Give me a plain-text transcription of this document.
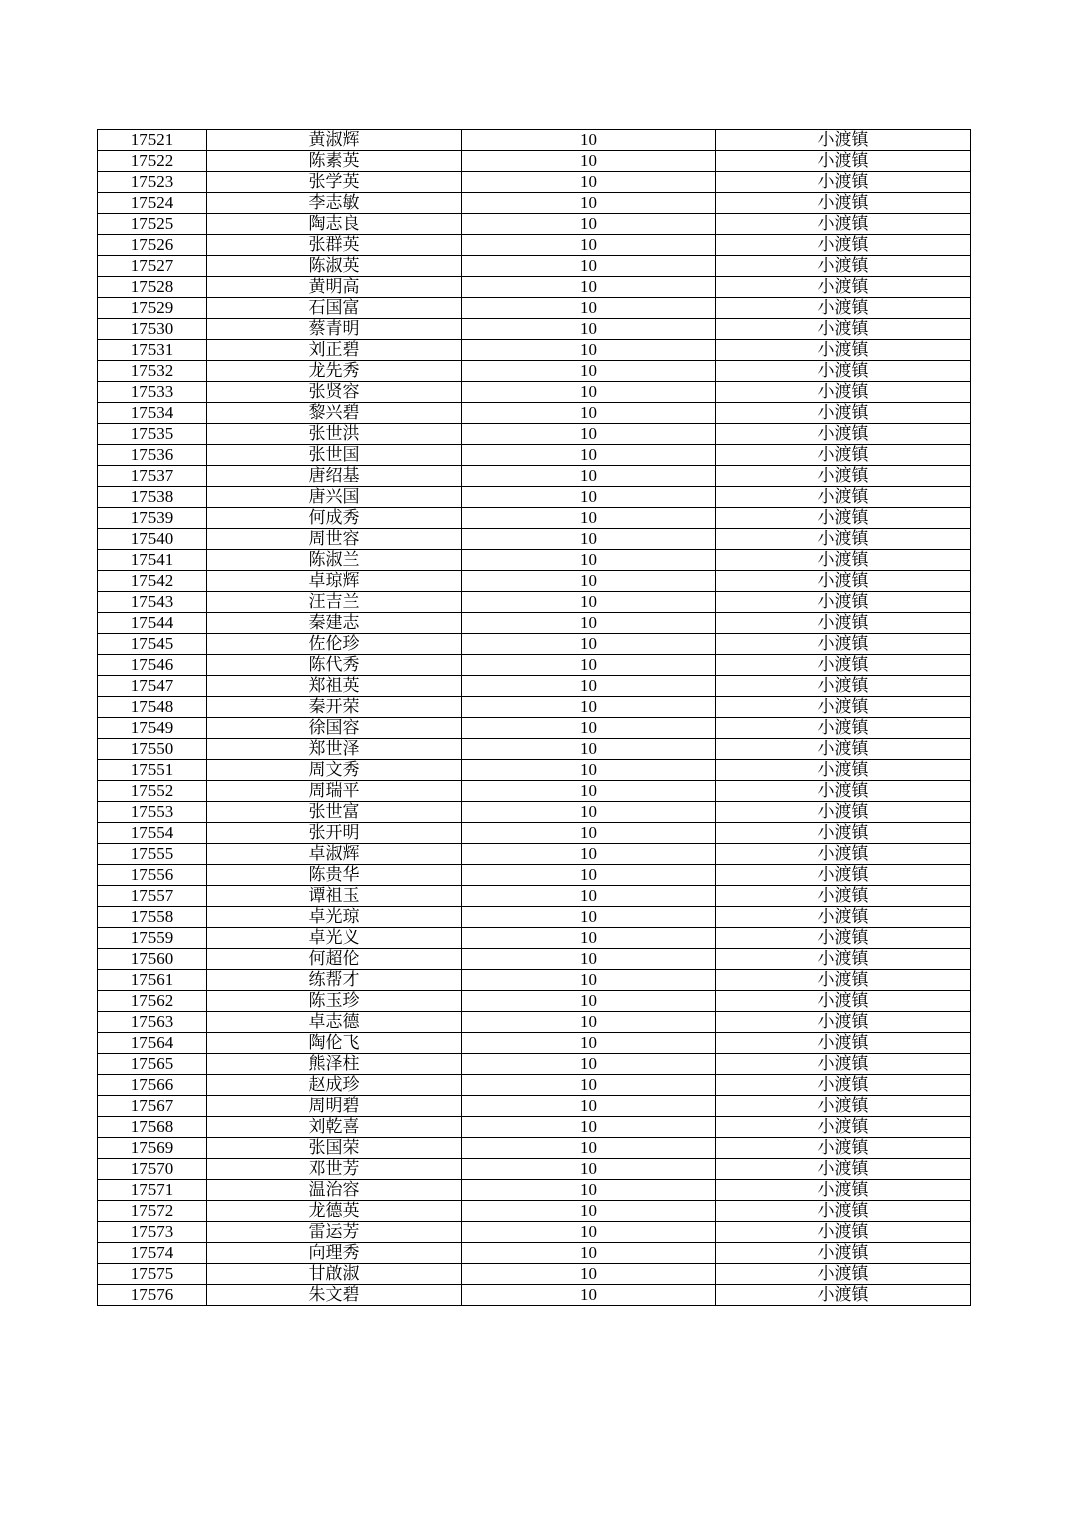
17521	黄淑辉	10	小渡镇
17522	陈素英	10	小渡镇
17523	张学英	10	小渡镇
17524	李志敏	10	小渡镇
17525	陶志良	10	小渡镇
17526	张群英	10	小渡镇
17527	陈淑英	10	小渡镇
17528	黄明高	10	小渡镇
17529	石国富	10	小渡镇
17530	蔡青明	10	小渡镇
17531	刘正碧	10	小渡镇
17532	龙先秀	10	小渡镇
17533	张贤容	10	小渡镇
17534	黎兴碧	10	小渡镇
17535	张世洪	10	小渡镇
17536	张世国	10	小渡镇
17537	唐绍基	10	小渡镇
17538	唐兴国	10	小渡镇
17539	何成秀	10	小渡镇
17540	周世容	10	小渡镇
17541	陈淑兰	10	小渡镇
17542	卓琼辉	10	小渡镇
17543	汪吉兰	10	小渡镇
17544	秦建志	10	小渡镇
17545	佐伦珍	10	小渡镇
17546	陈代秀	10	小渡镇
17547	郑祖英	10	小渡镇
17548	秦开荣	10	小渡镇
17549	徐国容	10	小渡镇
17550	郑世泽	10	小渡镇
17551	周文秀	10	小渡镇
17552	周瑞平	10	小渡镇
17553	张世富	10	小渡镇
17554	张开明	10	小渡镇
17555	卓淑辉	10	小渡镇
17556	陈贵华	10	小渡镇
17557	谭祖玉	10	小渡镇
17558	卓光琼	10	小渡镇
17559	卓光义	10	小渡镇
17560	何超伦	10	小渡镇
17561	练帮才	10	小渡镇
17562	陈玉珍	10	小渡镇
17563	卓志德	10	小渡镇
17564	陶伦飞	10	小渡镇
17565	熊泽柱	10	小渡镇
17566	赵成珍	10	小渡镇
17567	周明碧	10	小渡镇
17568	刘乾喜	10	小渡镇
17569	张国荣	10	小渡镇
17570	邓世芳	10	小渡镇
17571	温治容	10	小渡镇
17572	龙德英	10	小渡镇
17573	雷运芳	10	小渡镇
17574	向理秀	10	小渡镇
17575	甘啟淑	10	小渡镇
17576	朱文碧	10	小渡镇
